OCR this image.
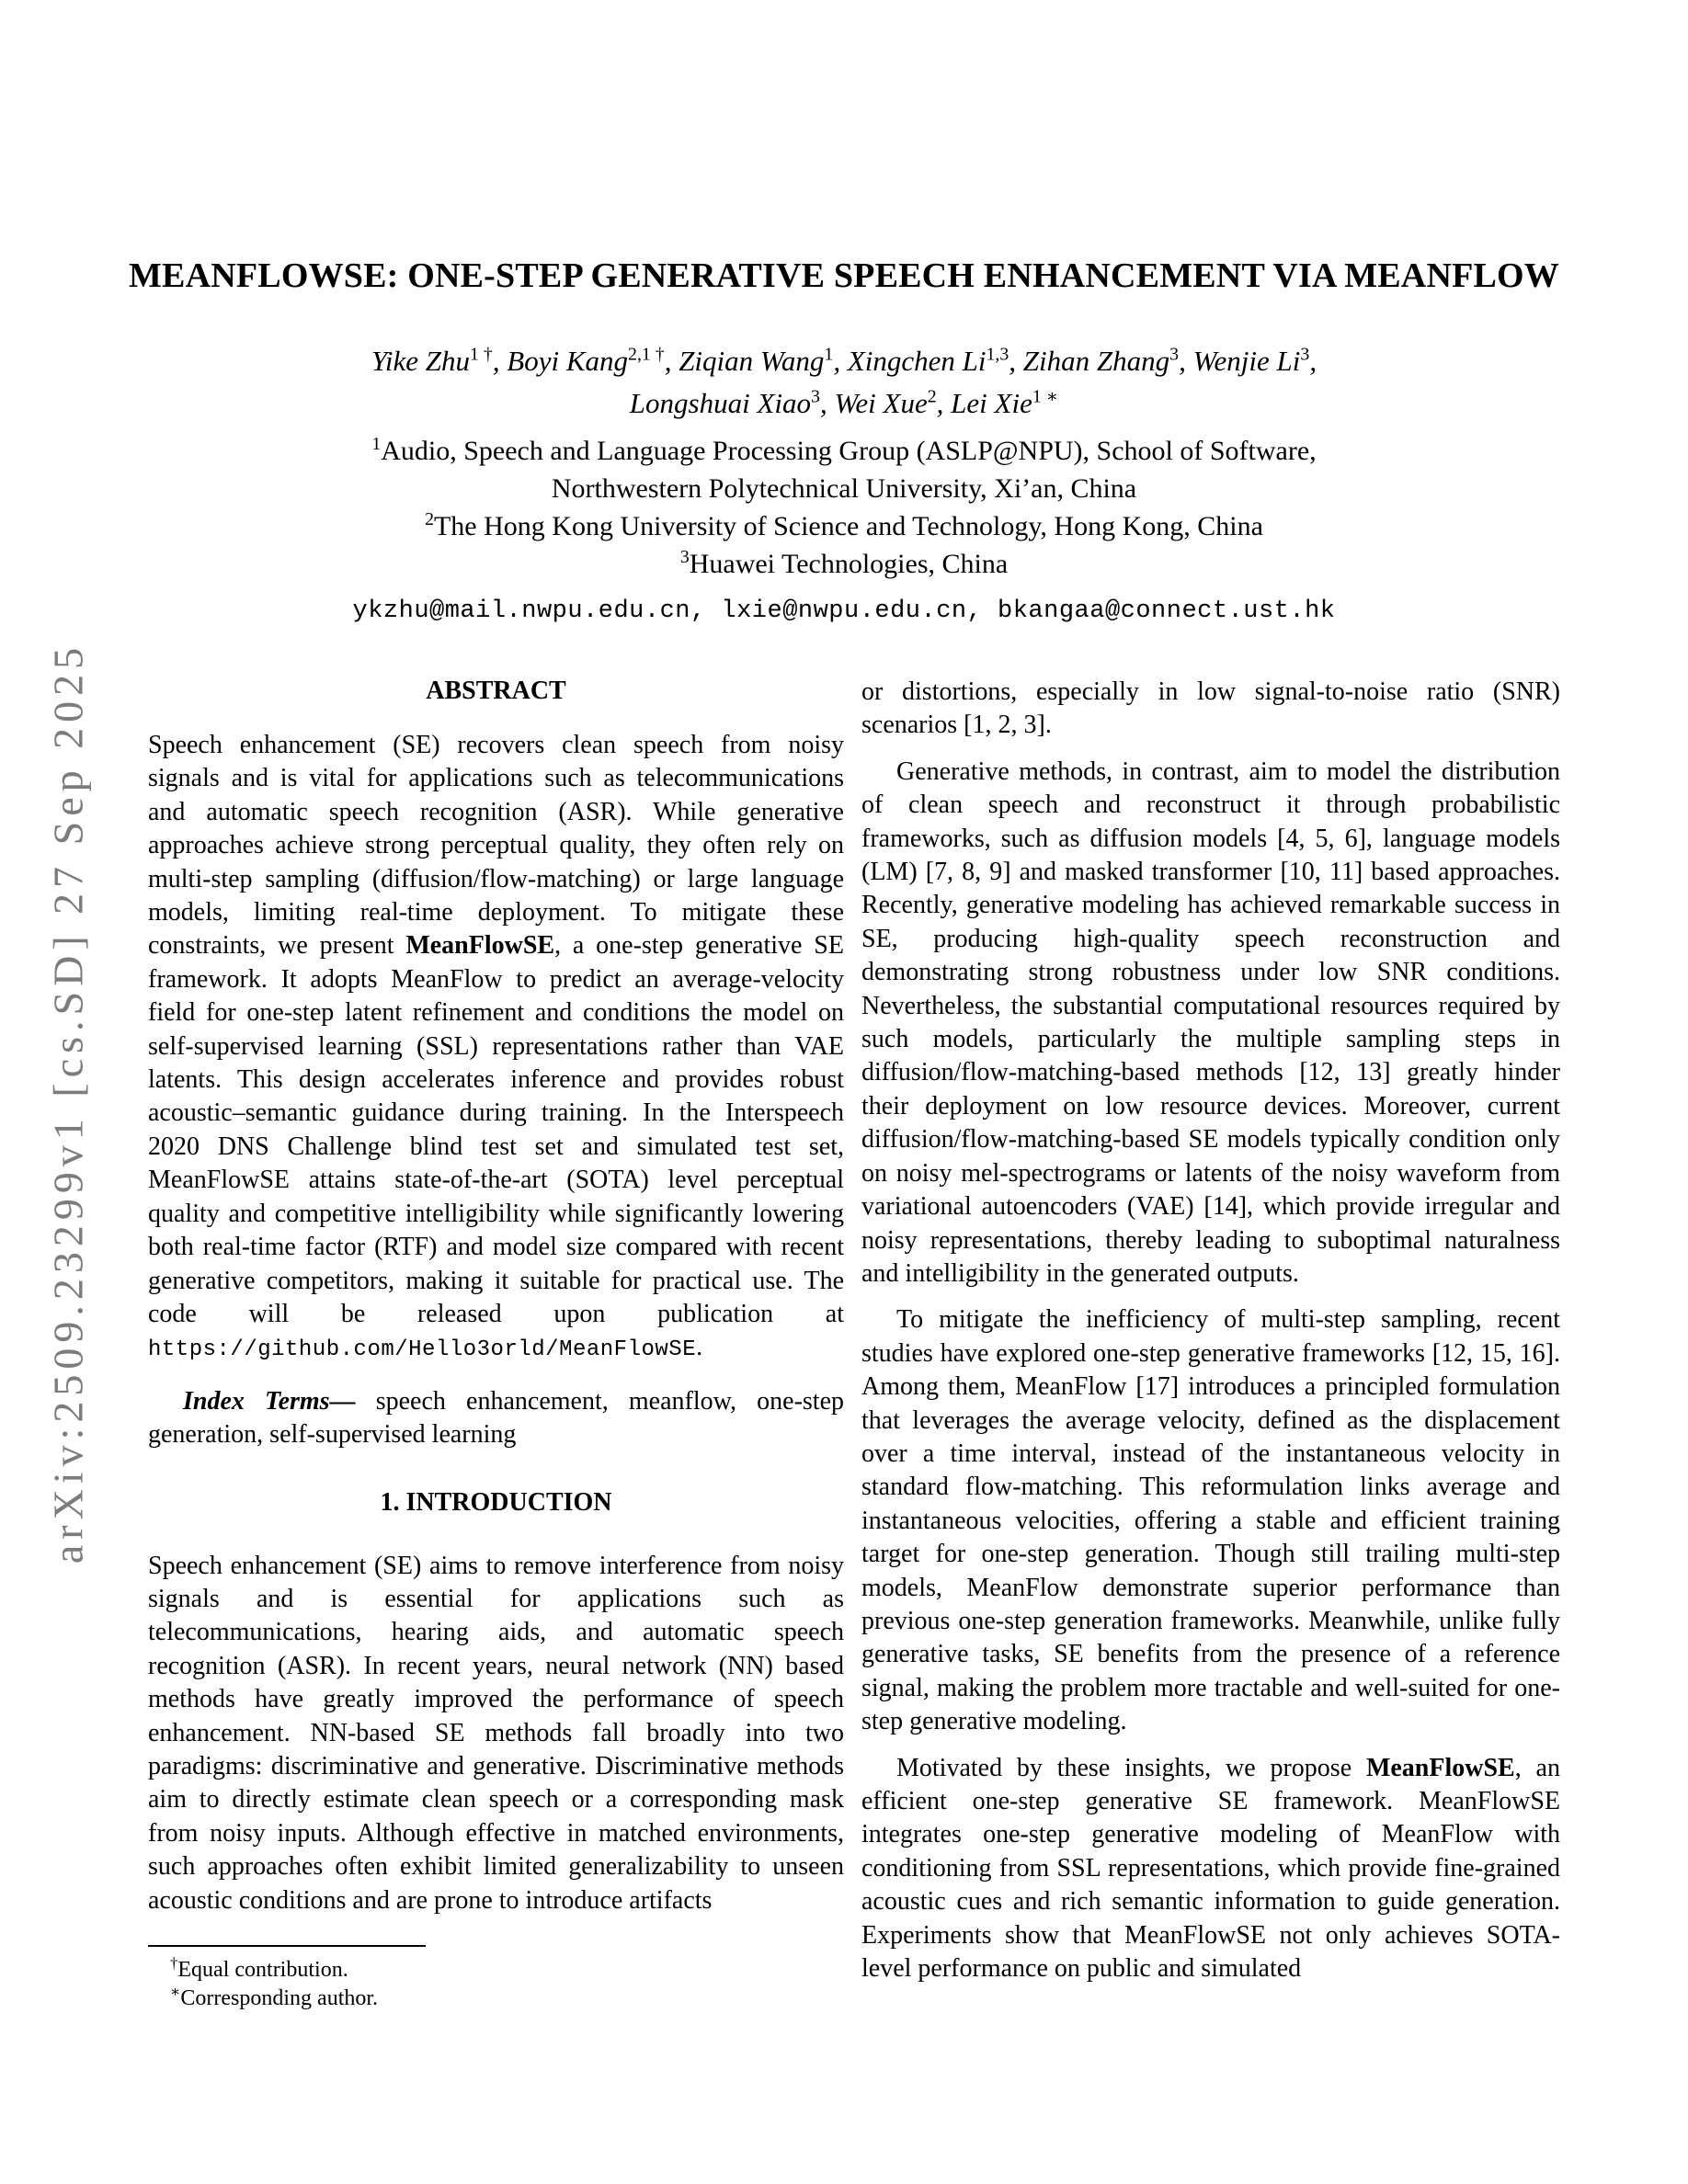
arXiv:2509.23299v1 [cs.SD] 27 Sep 2025
MEANFLOWSE: ONE-STEP GENERATIVE SPEECH ENHANCEMENT VIA MEANFLOW
Yike Zhu$^{1 \dagger}$, Boyi Kang$^{2,1 \dagger}$, Ziqian Wang$^1$, Xingchen Li$^{1,3}$, Zihan Zhang$^3$, Wenjie Li$^3$,
Longshuai Xiao$^3$, Wei Xue$^2$, Lei Xie$^{1 ∗}$
$^1$Audio, Speech and Language Processing Group (ASLP@NPU), School of Software,
Northwestern Polytechnical University, Xi’an, China
$^2$The Hong Kong University of Science and Technology, Hong Kong, China
$^3$Huawei Technologies, China
ykzhu@mail.nwpu.edu.cn, lxie@nwpu.edu.cn, bkangaa@connect.ust.hk
ABSTRACT

Speech enhancement (SE) recovers clean speech from noisy signals and is vital for applications such as telecommunications and automatic speech recognition (ASR). While generative approaches achieve strong perceptual quality, they often rely on multi-step sampling (diffusion/flow-matching) or large language models, limiting real-time deployment. To mitigate these constraints, we present MeanFlowSE, a one-step generative SE framework. It adopts MeanFlow to predict an average-velocity field for one-step latent refinement and conditions the model on self-supervised learning (SSL) representations rather than VAE latents. This design accelerates inference and provides robust acoustic–semantic guidance during training. In the Interspeech 2020 DNS Challenge blind test set and simulated test set, MeanFlowSE attains state-of-the-art (SOTA) level perceptual quality and competitive intelligibility while significantly lowering both real-time factor (RTF) and model size compared with recent generative competitors, making it suitable for practical use. The code will be released upon publication at https://github.com/Hello3orld/MeanFlowSE.

Index Terms— speech enhancement, meanflow, one-step generation, self-supervised learning

1. INTRODUCTION

Speech enhancement (SE) aims to remove interference from noisy signals and is essential for applications such as telecommunications, hearing aids, and automatic speech recognition (ASR). In recent years, neural network (NN) based methods have greatly improved the performance of speech enhancement. NN-based SE methods fall broadly into two paradigms: discriminative and generative. Discriminative methods aim to directly estimate clean speech or a corresponding mask from noisy inputs. Although effective in matched environments, such approaches often exhibit limited generalizability to unseen acoustic conditions and are prone to introduce artifacts

†Equal contribution.
∗Corresponding author.

or distortions, especially in low signal-to-noise ratio (SNR) scenarios [1, 2, 3].

Generative methods, in contrast, aim to model the distribution of clean speech and reconstruct it through probabilistic frameworks, such as diffusion models [4, 5, 6], language models (LM) [7, 8, 9] and masked transformer [10, 11] based approaches. Recently, generative modeling has achieved remarkable success in SE, producing high-quality speech reconstruction and demonstrating strong robustness under low SNR conditions. Nevertheless, the substantial computational resources required by such models, particularly the multiple sampling steps in diffusion/flow-matching-based methods [12, 13] greatly hinder their deployment on low resource devices. Moreover, current diffusion/flow-matching-based SE models typically condition only on noisy mel-spectrograms or latents of the noisy waveform from variational autoencoders (VAE) [14], which provide irregular and noisy representations, thereby leading to suboptimal naturalness and intelligibility in the generated outputs.

To mitigate the inefficiency of multi-step sampling, recent studies have explored one-step generative frameworks [12, 15, 16]. Among them, MeanFlow [17] introduces a principled formulation that leverages the average velocity, defined as the displacement over a time interval, instead of the instantaneous velocity in standard flow-matching. This reformulation links average and instantaneous velocities, offering a stable and efficient training target for one-step generation. Though still trailing multi-step models, MeanFlow demonstrate superior performance than previous one-step generation frameworks. Meanwhile, unlike fully generative tasks, SE benefits from the presence of a reference signal, making the problem more tractable and well-suited for one-step generative modeling.

Motivated by these insights, we propose MeanFlowSE, an efficient one-step generative SE framework. MeanFlowSE integrates one-step generative modeling of MeanFlow with conditioning from SSL representations, which provide fine-grained acoustic cues and rich semantic information to guide generation. Experiments show that MeanFlowSE not only achieves SOTA-level performance on public and simulated
